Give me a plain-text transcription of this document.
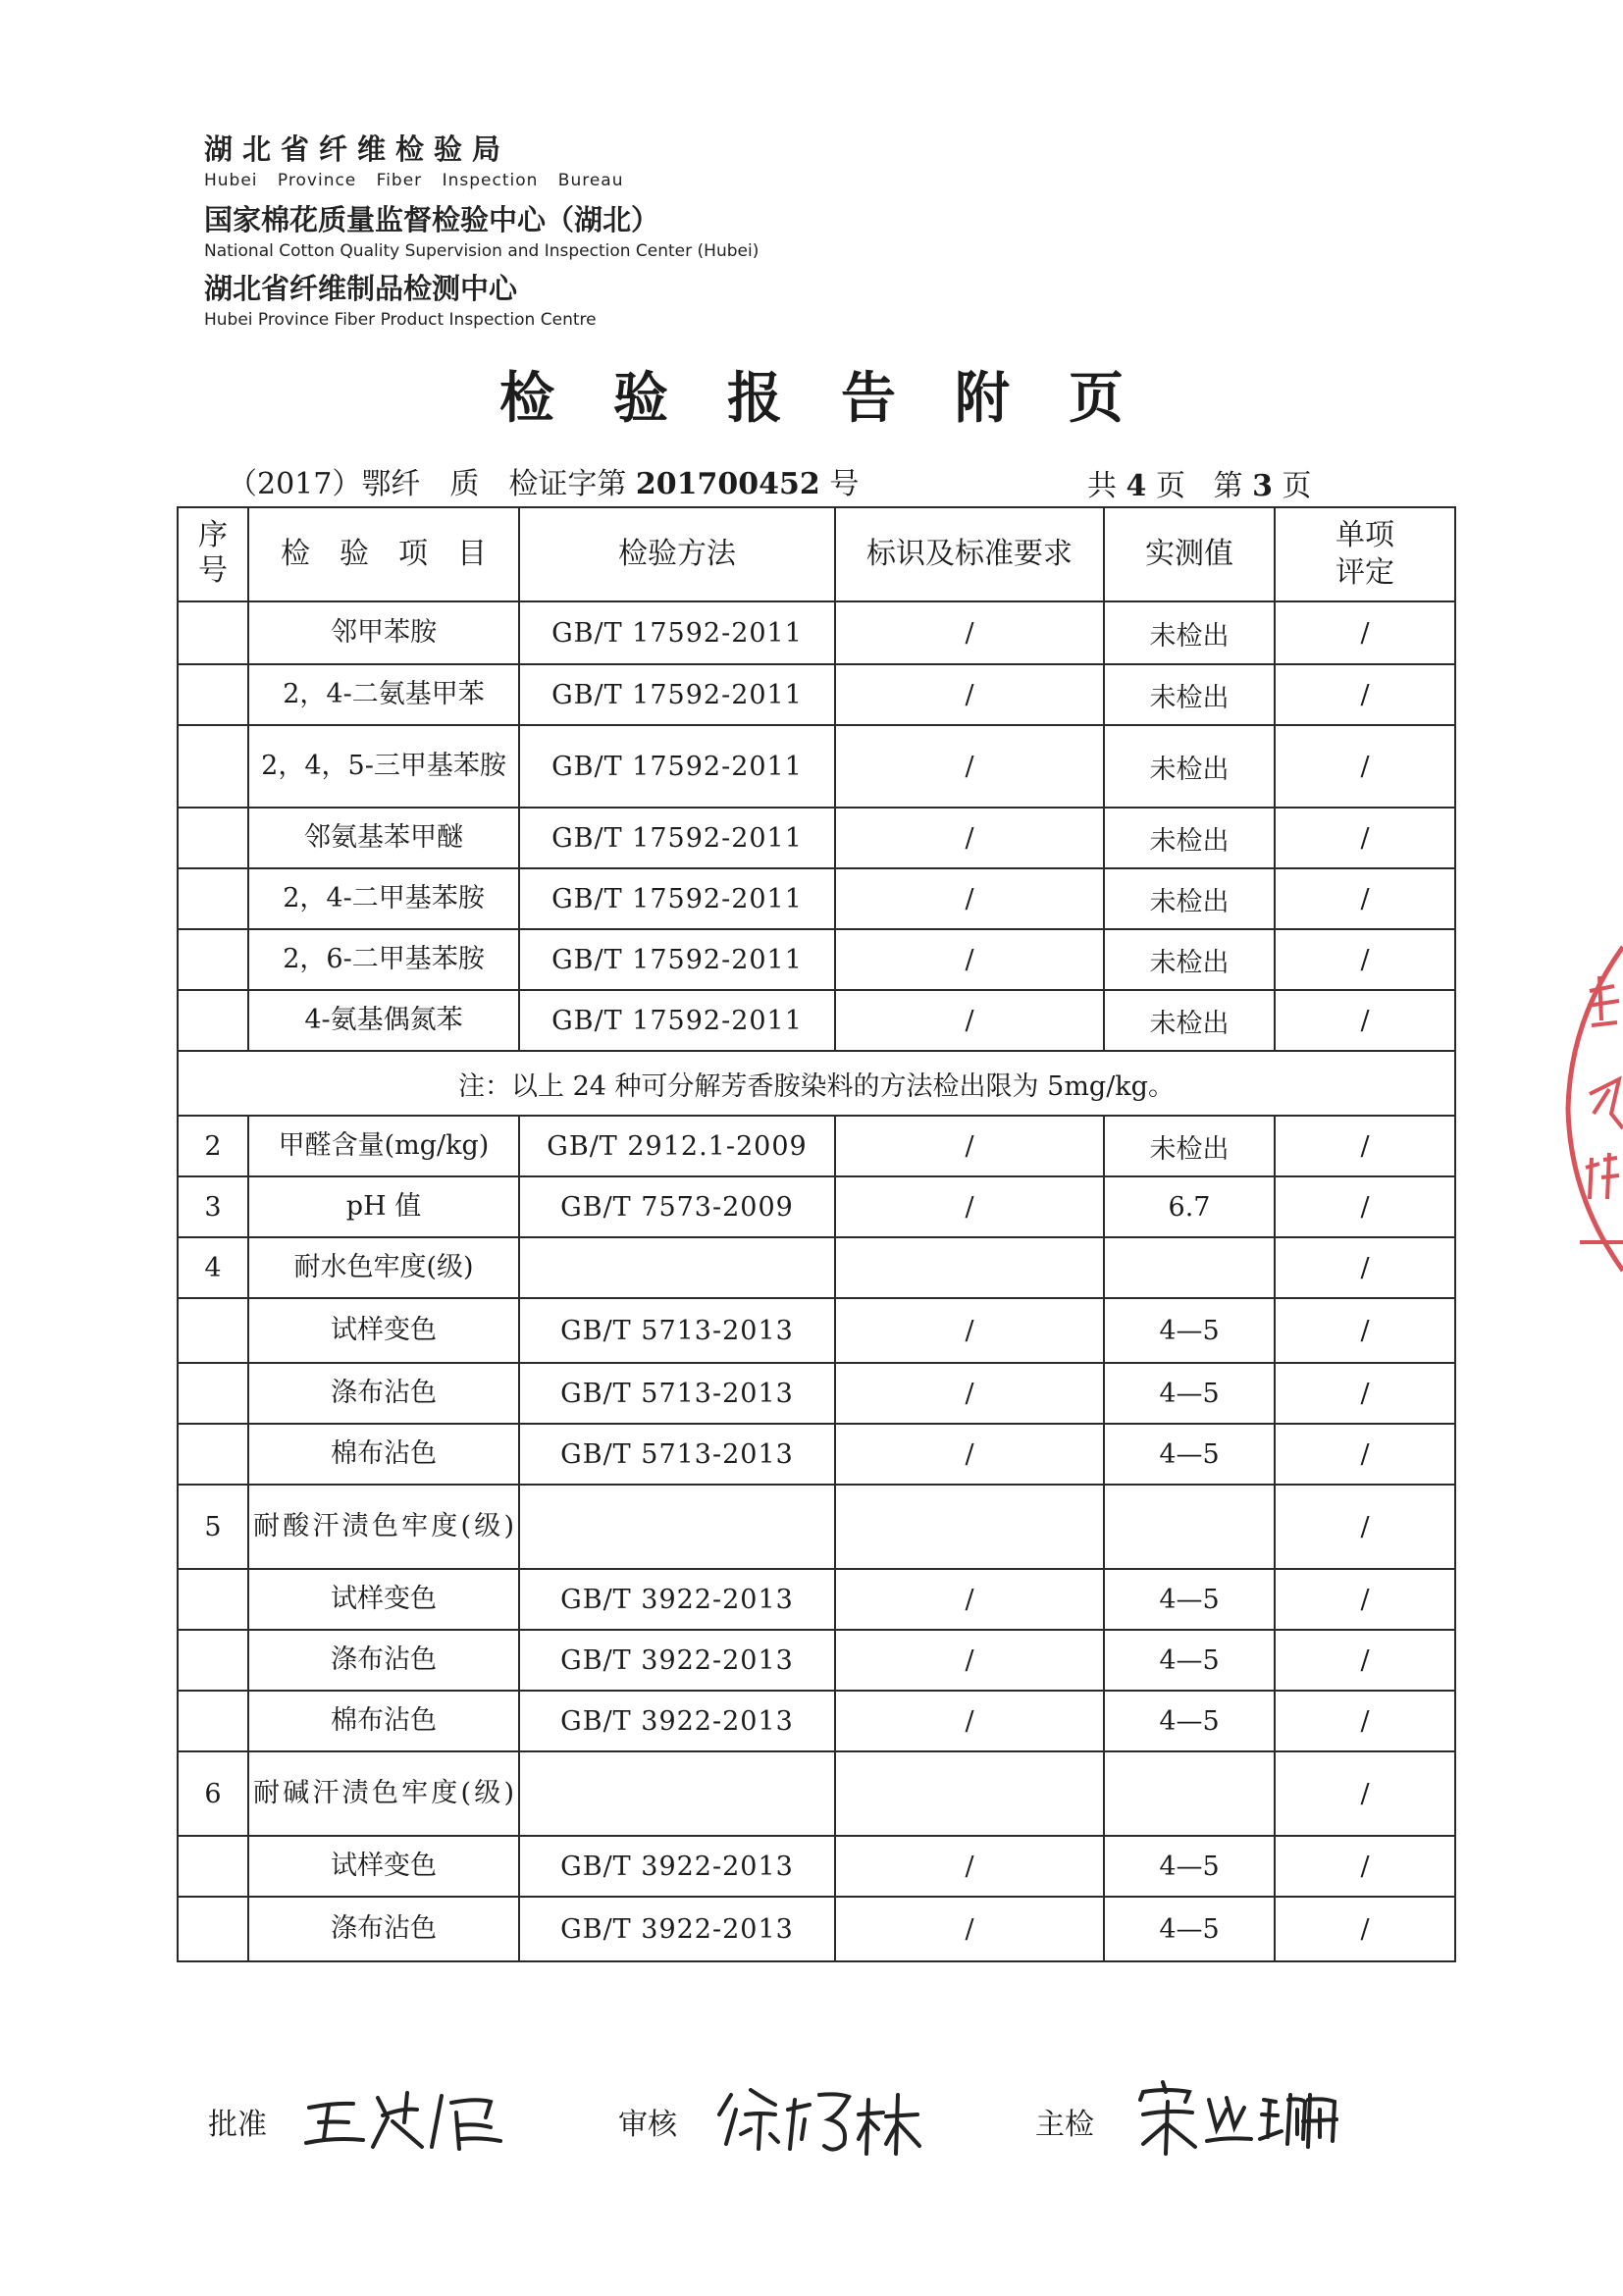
湖北省纤维检验局
Hubei Province Fiber Inspection Bureau
国家棉花质量监督检验中心（湖北）
National Cotton Quality Supervision and Inspection Center (Hubei)
湖北省纤维制品检测中心
Hubei Province Fiber Product Inspection Centre
检验报告附页
（2017）鄂纤　质　检证字第 201700452 号	共 4 页 第 3 页
序号	检　验　项　目	检验方法	标识及标准要求	实测值	单项评定
	邻甲苯胺	GB/T 17592-2011	/	未检出	/
	2，4-二氨基甲苯	GB/T 17592-2011	/	未检出	/
	2，4，5-三甲基苯胺	GB/T 17592-2011	/	未检出	/
	邻氨基苯甲醚	GB/T 17592-2011	/	未检出	/
	2，4-二甲基苯胺	GB/T 17592-2011	/	未检出	/
	2，6-二甲基苯胺	GB/T 17592-2011	/	未检出	/
	4-氨基偶氮苯	GB/T 17592-2011	/	未检出	/
注：以上 24 种可分解芳香胺染料的方法检出限为 5mg/kg。					
2	甲醛含量(mg/kg)	GB/T 2912.1-2009	/	未检出	/
3	pH 值	GB/T 7573-2009	/	6.7	/
4	耐水色牢度(级)				/
	试样变色	GB/T 5713-2013	/	4—5	/
	涤布沾色	GB/T 5713-2013	/	4—5	/
	棉布沾色	GB/T 5713-2013	/	4—5	/
5	耐酸汗渍色牢度(级)				/
	试样变色	GB/T 3922-2013	/	4—5	/
	涤布沾色	GB/T 3922-2013	/	4—5	/
	棉布沾色	GB/T 3922-2013	/	4—5	/
6	耐碱汗渍色牢度(级)				/
	试样变色	GB/T 3922-2013	/	4—5	/
	涤布沾色	GB/T 3922-2013	/	4—5	/
批准	审核	主检
